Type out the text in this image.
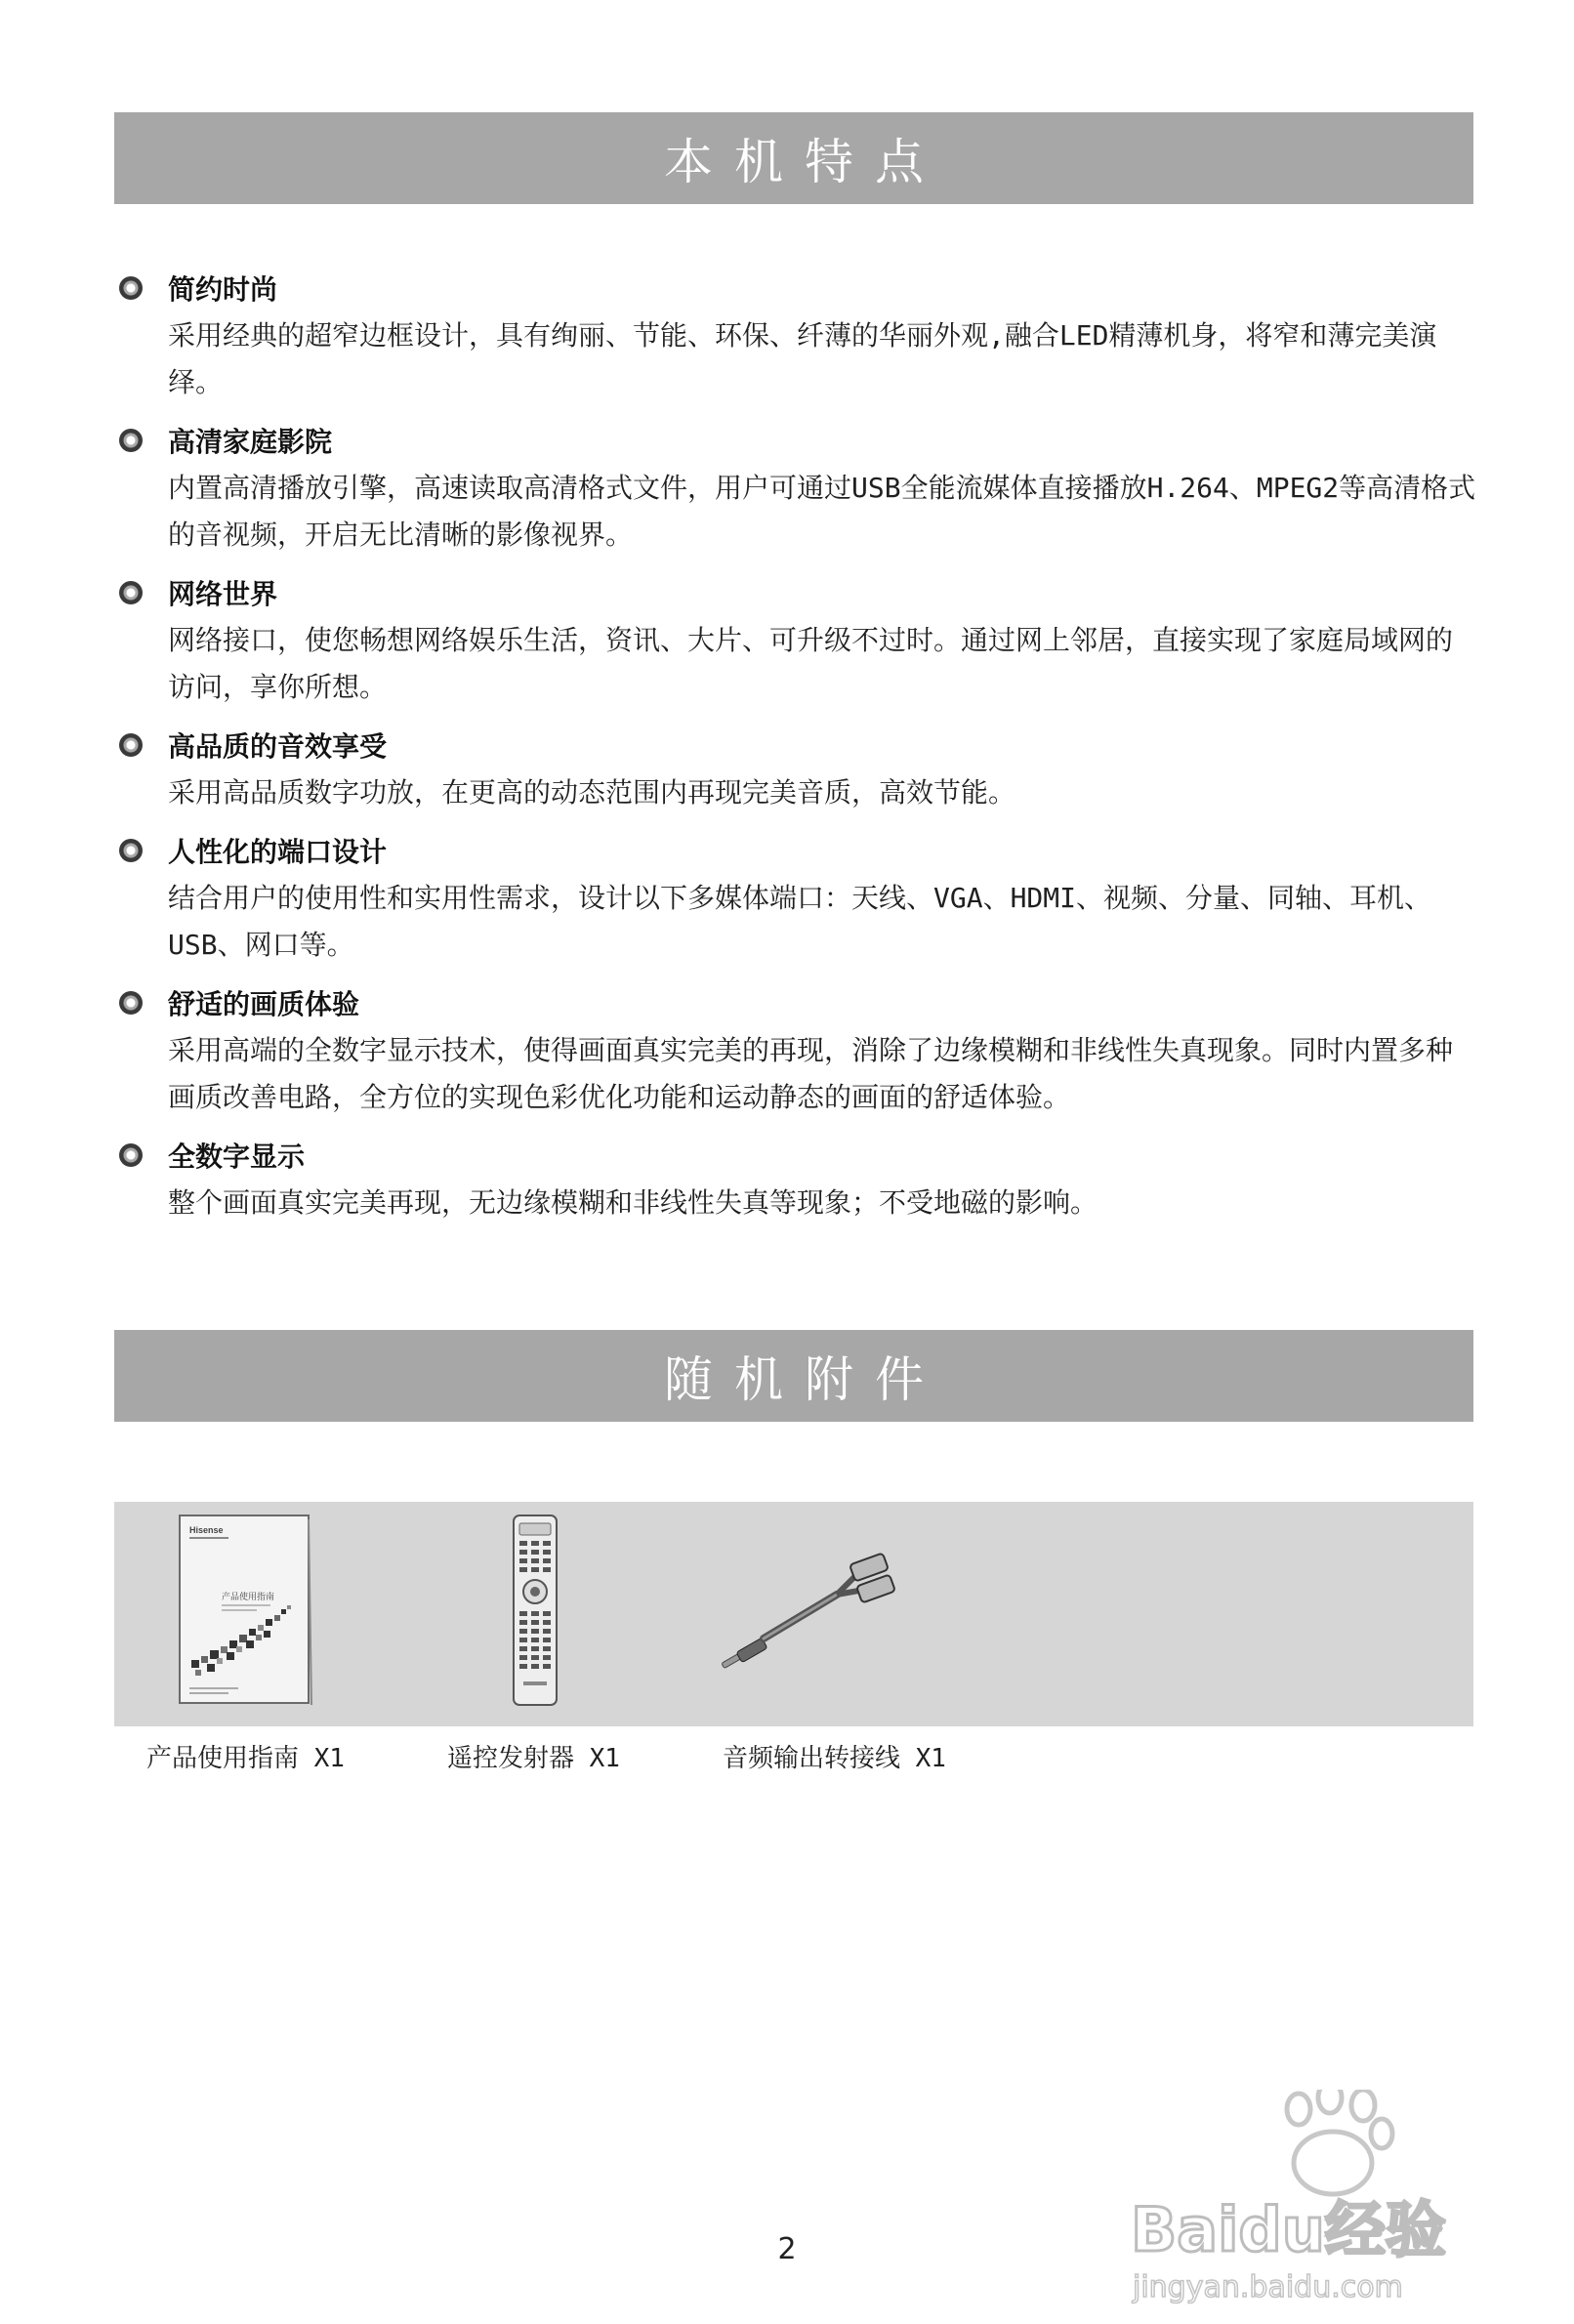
本机特点
简约时尚
采用经典的超窄边框设计，具有绚丽、节能、环保、纤薄的华丽外观,融合LED精薄机身，将窄和薄完美演绎。
高清家庭影院
内置高清播放引擎，高速读取高清格式文件，用户可通过USB全能流媒体直接播放H.264、MPEG2等高清格式的音视频，开启无比清晰的影像视界。
网络世界
网络接口，使您畅想网络娱乐生活，资讯、大片、可升级不过时。通过网上邻居，直接实现了家庭局域网的访问，享你所想。
高品质的音效享受
采用高品质数字功放，在更高的动态范围内再现完美音质，高效节能。
人性化的端口设计
结合用户的使用性和实用性需求，设计以下多媒体端口：天线、VGA、HDMI、视频、分量、同轴、耳机、USB、网口等。
舒适的画质体验
采用高端的全数字显示技术，使得画面真实完美的再现，消除了边缘模糊和非线性失真现象。同时内置多种画质改善电路，全方位的实现色彩优化功能和运动静态的画面的舒适体验。
全数字显示
整个画面真实完美再现，无边缘模糊和非线性失真等现象；不受地磁的影响。
随机附件
Hisense
产品使用指南
产品使用指南 X1	遥控发射器 X1	音频输出转接线 X1
2	Baidu经验
jingyan.baidu.com
